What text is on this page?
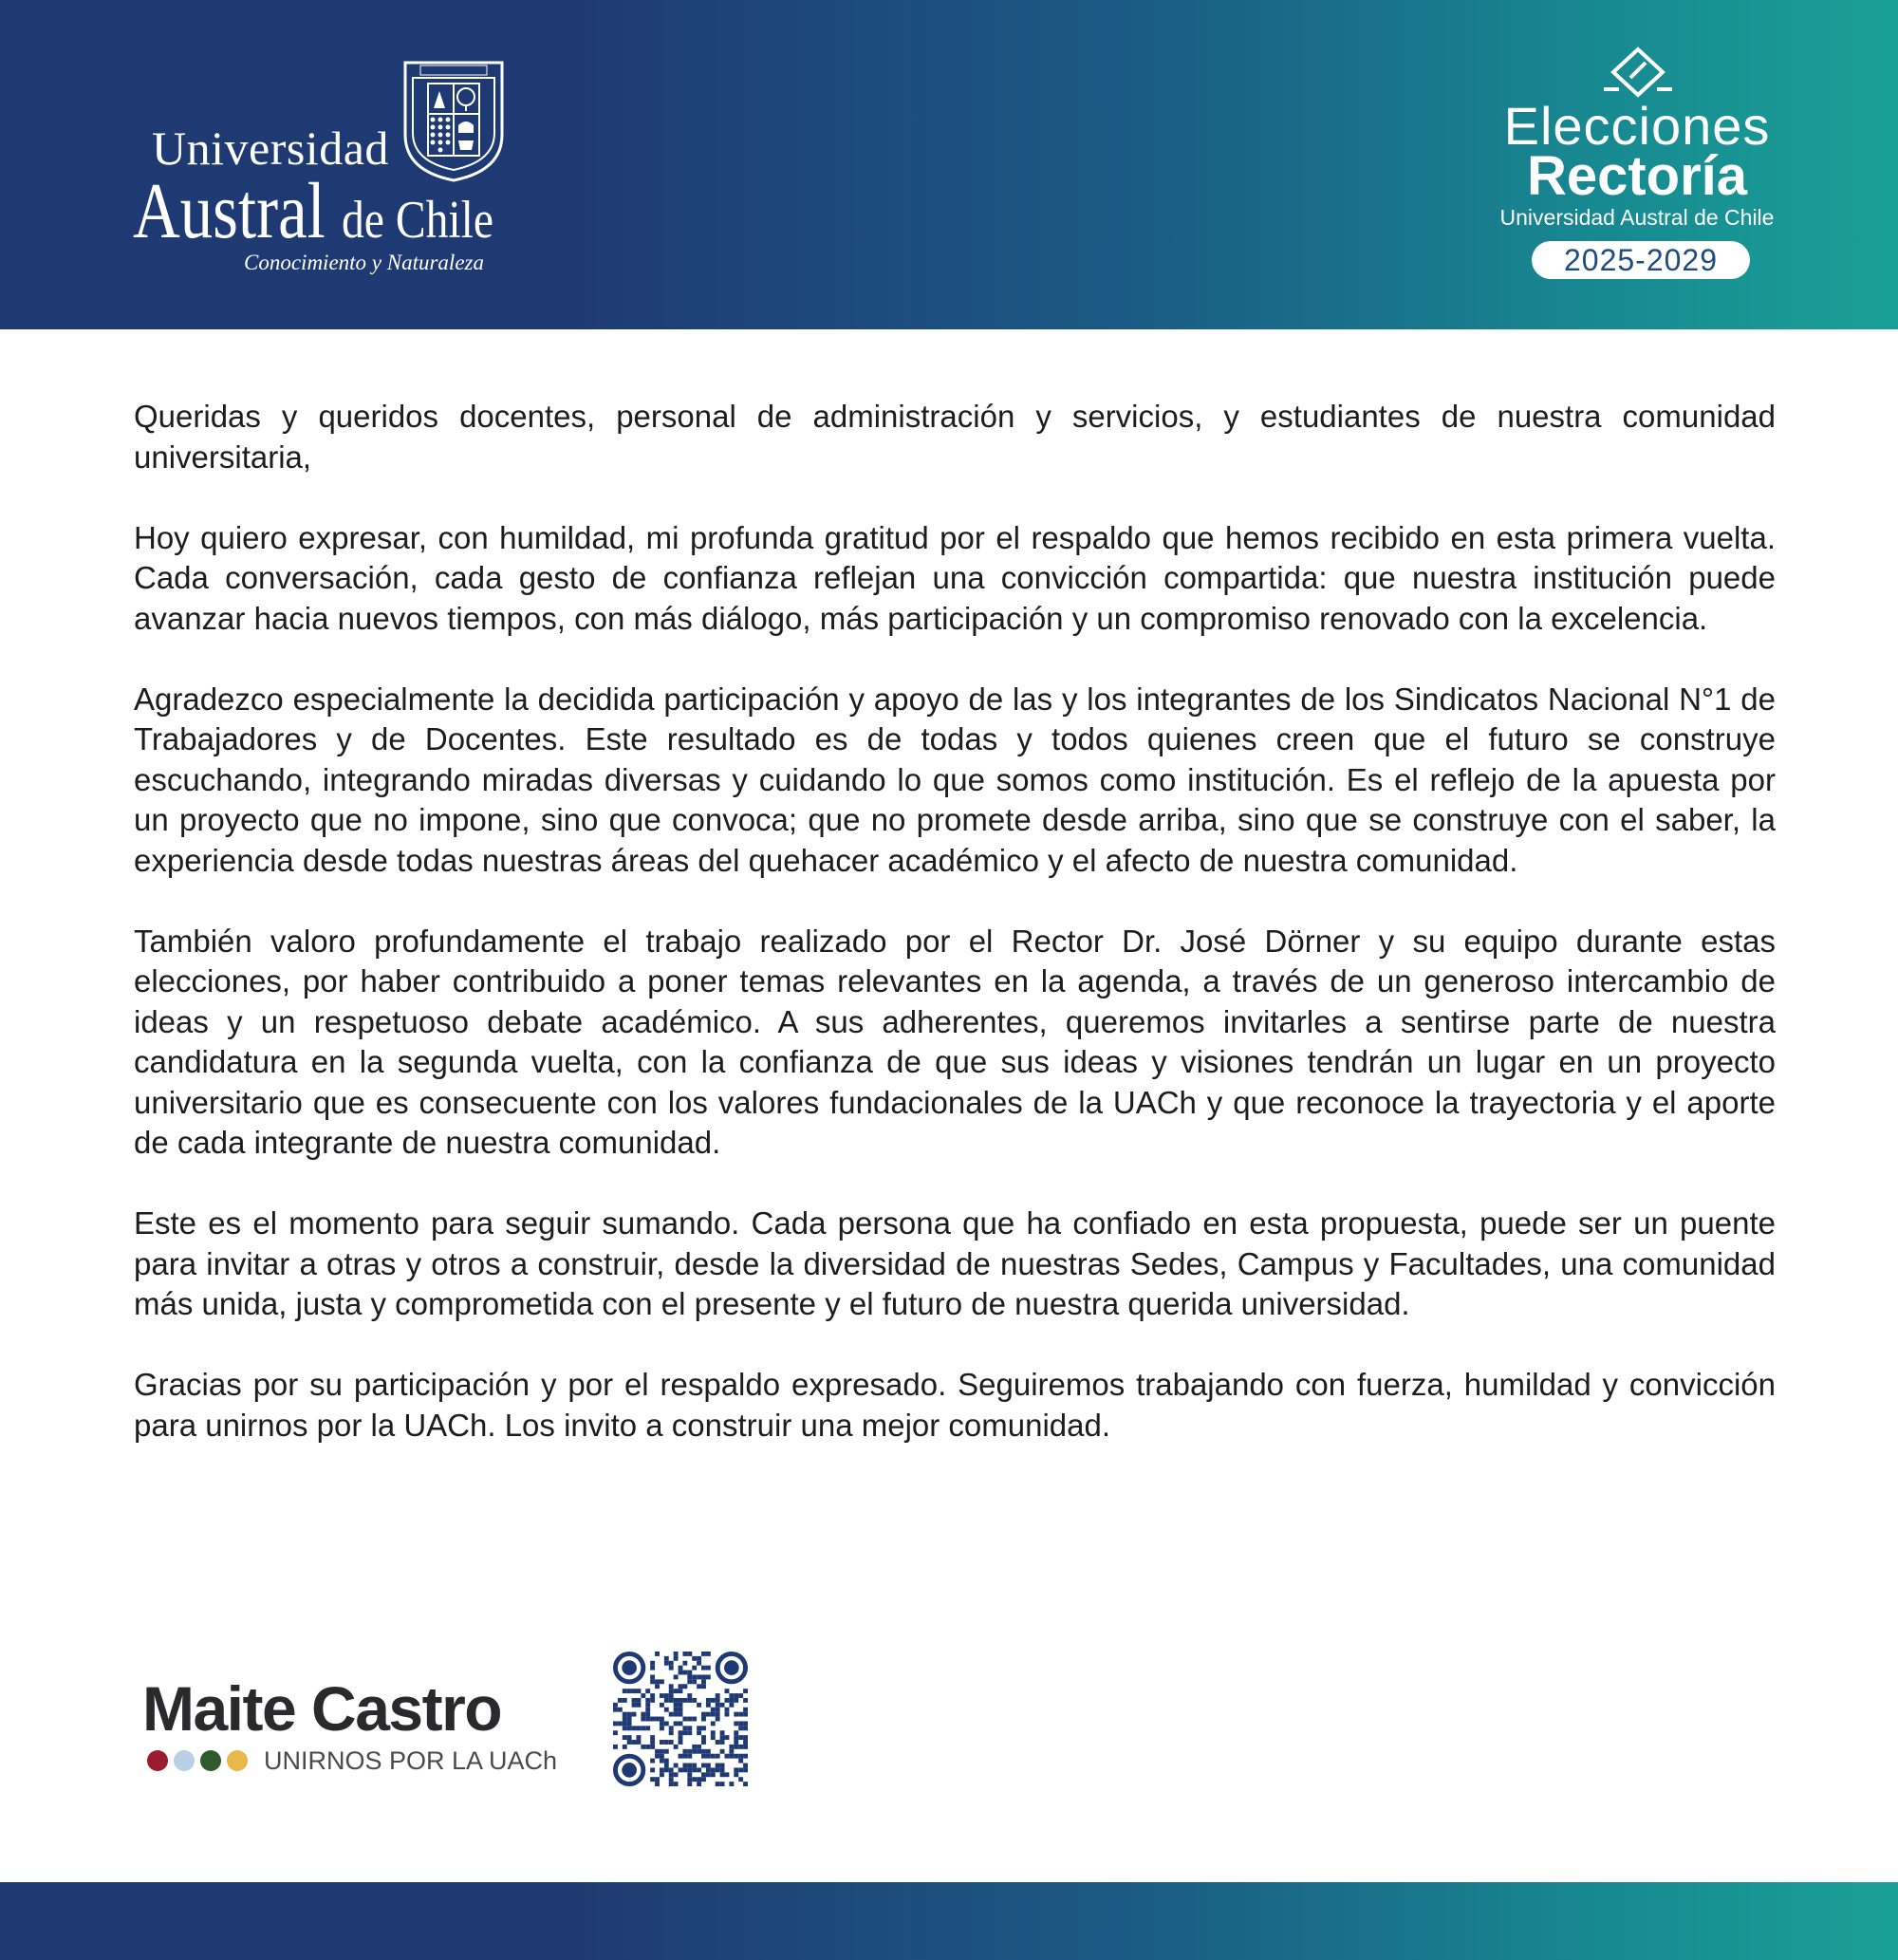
Universidad
Austral de Chile
Conocimiento y Naturaleza
Elecciones
Rectoría
Universidad Austral de Chile
2025-2029

Queridas y queridos docentes, personal de administración y servicios, y estudiantes de nuestra comunidad universitaria,

Hoy quiero expresar, con humildad, mi profunda gratitud por el respaldo que hemos recibido en esta primera vuelta. Cada conversación, cada gesto de confianza reflejan una convicción compartida: que nuestra institución puede avanzar hacia nuevos tiempos, con más diálogo, más participación y un compromiso renovado con la excelencia.

Agradezco especialmente la decidida participación y apoyo de las y los integrantes de los Sindicatos Nacional N°1 de Trabajadores y de Docentes. Este resultado es de todas y todos quienes creen que el futuro se construye escuchando, integrando miradas diversas y cuidando lo que somos como institución. Es el reflejo de la apuesta por un proyecto que no impone, sino que convoca; que no promete desde arriba, sino que se construye con el saber, la experiencia desde todas nuestras áreas del quehacer académico y el afecto de nuestra comunidad.

También valoro profundamente el trabajo realizado por el Rector Dr. José Dörner y su equipo durante estas elecciones, por haber contribuido a poner temas relevantes en la agenda, a través de un generoso intercambio de ideas y un respetuoso debate académico. A sus adherentes, queremos invitarles a sentirse parte de nuestra candidatura en la segunda vuelta, con la confianza de que sus ideas y visiones tendrán un lugar en un proyecto universitario que es consecuente con los valores fundacionales de la UACh y que reconoce la trayectoria y el aporte de cada integrante de nuestra comunidad.

Este es el momento para seguir sumando. Cada persona que ha confiado en esta propuesta, puede ser un puente para invitar a otras y otros a construir, desde la diversidad de nuestras Sedes, Campus y Facultades, una comunidad más unida, justa y comprometida con el presente y el futuro de nuestra querida universidad.

Gracias por su participación y por el respaldo expresado. Seguiremos trabajando con fuerza, humildad y convicción para unirnos por la UACh. Los invito a construir una mejor comunidad.

Maite Castro
UNIRNOS POR LA UACh
